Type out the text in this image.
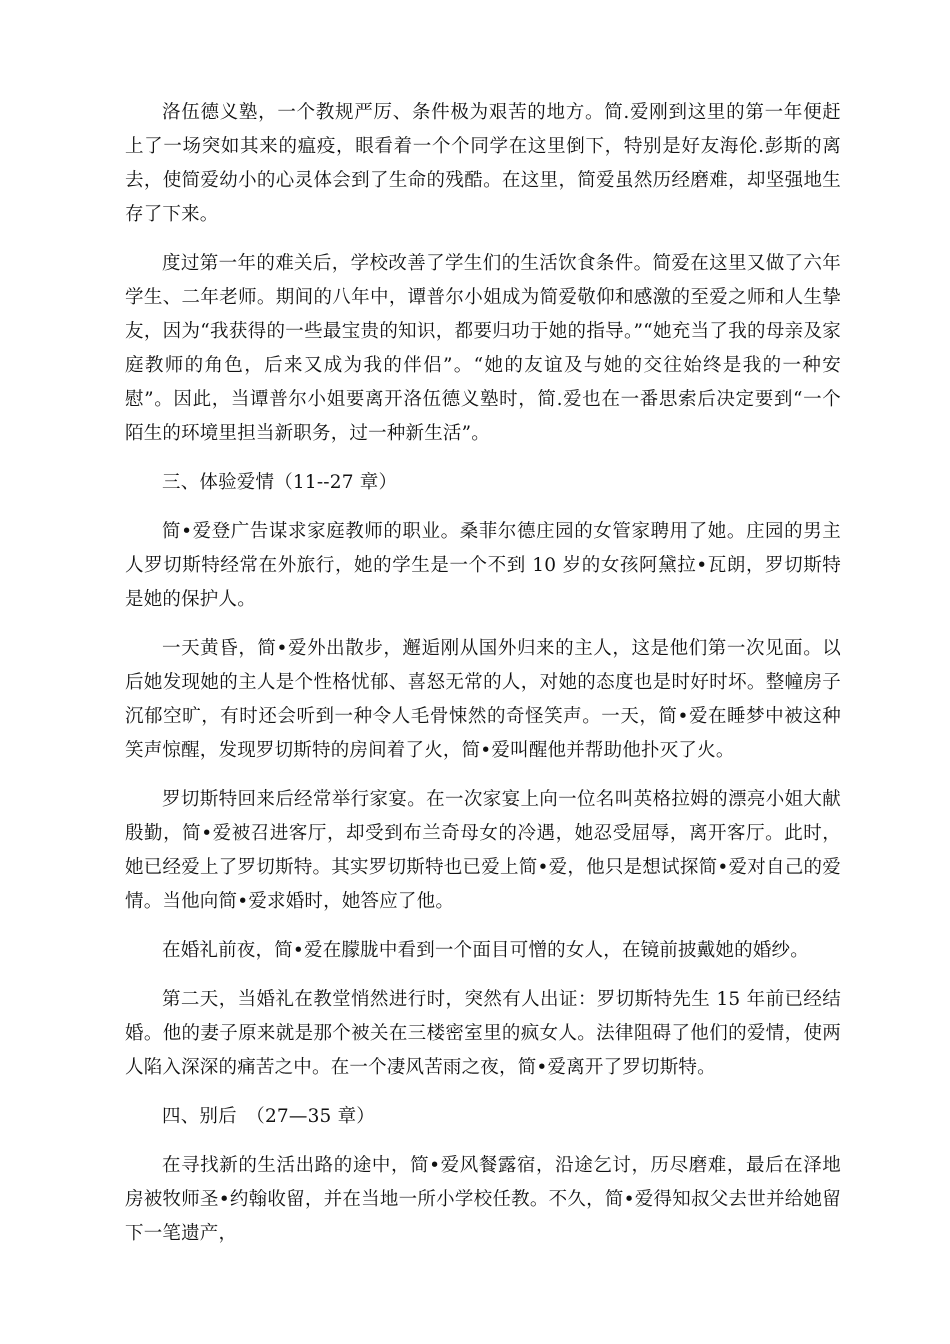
洛伍德义塾，一个教规严厉、条件极为艰苦的地方。简.爱刚到这里的第一年便赶上了一场突如其来的瘟疫，眼看着一个个同学在这里倒下，特别是好友海伦.彭斯的离去，使简爱幼小的心灵体会到了生命的残酷。在这里，简爱虽然历经磨难，却坚强地生存了下来。

度过第一年的难关后，学校改善了学生们的生活饮食条件。简爱在这里又做了六年学生、二年老师。期间的八年中，谭普尔小姐成为简爱敬仰和感激的至爱之师和人生挚友，因为“我获得的一些最宝贵的知识，都要归功于她的指导。”“她充当了我的母亲及家庭教师的角色，后来又成为我的伴侣”。“她的友谊及与她的交往始终是我的一种安慰”。因此，当谭普尔小姐要离开洛伍德义塾时，简.爱也在一番思索后决定要到“一个陌生的环境里担当新职务，过一种新生活”。

三、体验爱情（11--27 章）

简•爱登广告谋求家庭教师的职业。桑菲尔德庄园的女管家聘用了她。庄园的男主人罗切斯特经常在外旅行，她的学生是一个不到 10 岁的女孩阿黛拉•瓦朗，罗切斯特是她的保护人。

一天黄昏，简•爱外出散步，邂逅刚从国外归来的主人，这是他们第一次见面。以后她发现她的主人是个性格忧郁、喜怒无常的人，对她的态度也是时好时坏。整幢房子沉郁空旷，有时还会听到一种令人毛骨悚然的奇怪笑声。一天，简•爱在睡梦中被这种笑声惊醒，发现罗切斯特的房间着了火，简•爱叫醒他并帮助他扑灭了火。

罗切斯特回来后经常举行家宴。在一次家宴上向一位名叫英格拉姆的漂亮小姐大献殷勤，简•爱被召进客厅，却受到布兰奇母女的冷遇，她忍受屈辱，离开客厅。此时，她已经爱上了罗切斯特。其实罗切斯特也已爱上简•爱，他只是想试探简•爱对自己的爱情。当他向简•爱求婚时，她答应了他。

在婚礼前夜，简•爱在朦胧中看到一个面目可憎的女人，在镜前披戴她的婚纱。

第二天，当婚礼在教堂悄然进行时，突然有人出证：罗切斯特先生 15 年前已经结婚。他的妻子原来就是那个被关在三楼密室里的疯女人。法律阻碍了他们的爱情，使两人陷入深深的痛苦之中。在一个凄风苦雨之夜，简•爱离开了罗切斯特。

四、别后　（27—35 章）

在寻找新的生活出路的途中，简•爱风餐露宿，沿途乞讨，历尽磨难，最后在泽地房被牧师圣•约翰收留，并在当地一所小学校任教。不久，简•爱得知叔父去世并给她留下一笔遗产，
